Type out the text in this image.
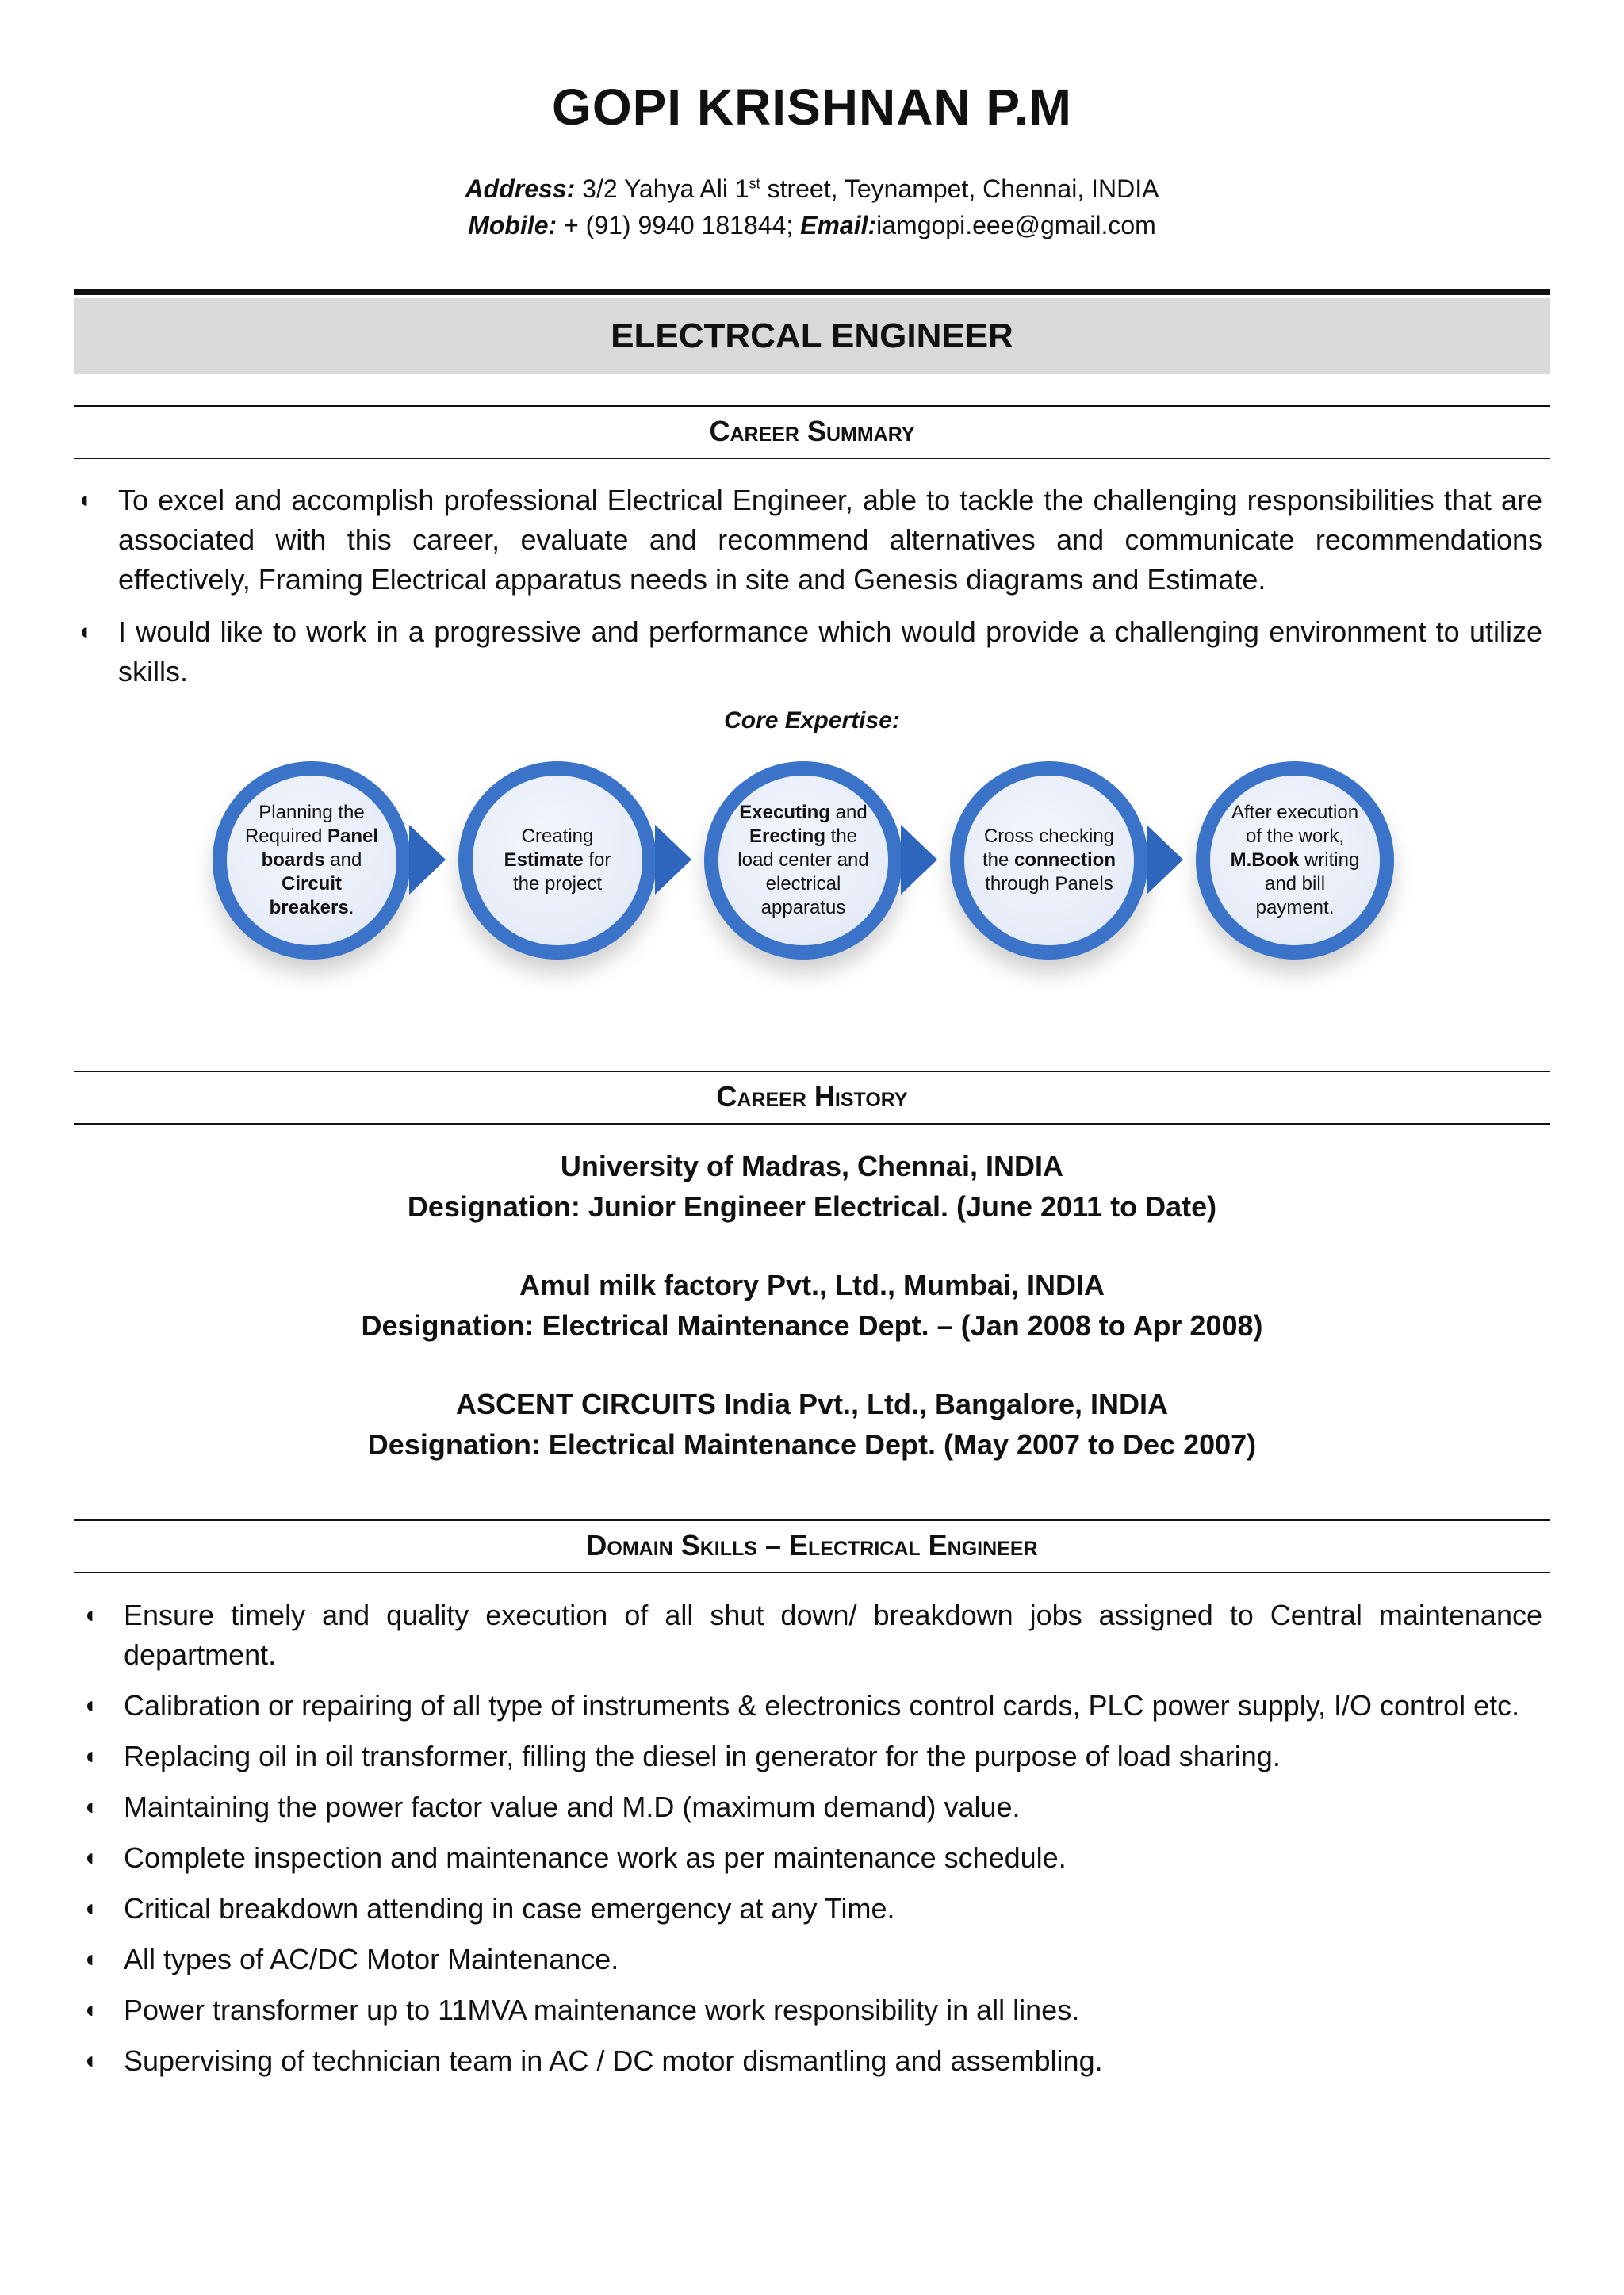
GOPI KRISHNAN P.M
Address: 3/2 Yahya Ali 1st street, Teynampet, Chennai, INDIA
Mobile: + (91) 9940 181844; Email:iamgopi.eee@gmail.com
ELECTRCAL ENGINEER
Career Summary
◖ To excel and accomplish professional Electrical Engineer, able to tackle the challenging responsibilities that are associated with this career, evaluate and recommend alternatives and communicate recommendations effectively, Framing Electrical apparatus needs in site and Genesis diagrams and Estimate.
◖ I would like to work in a progressive and performance which would provide a challenging environment to utilize skills.
Core Expertise:
Planning the Required Panel boards and Circuit breakers.
Creating Estimate for the project
Executing and Erecting the load center and electrical apparatus
Cross checking the connection through Panels
After execution of the work, M.Book writing and bill payment.
Career History
University of Madras, Chennai, INDIA
Designation: Junior Engineer Electrical. (June 2011 to Date)
Amul milk factory Pvt., Ltd., Mumbai, INDIA
Designation: Electrical Maintenance Dept. – (Jan 2008 to Apr 2008)
ASCENT CIRCUITS India Pvt., Ltd., Bangalore, INDIA
Designation: Electrical Maintenance Dept. (May 2007 to Dec 2007)
Domain Skills – Electrical Engineer
◖ Ensure timely and quality execution of all shut down/ breakdown jobs assigned to Central maintenance department.
◖ Calibration or repairing of all type of instruments & electronics control cards, PLC power supply, I/O control etc.
◖ Replacing oil in oil transformer, filling the diesel in generator for the purpose of load sharing.
◖ Maintaining the power factor value and M.D (maximum demand) value.
◖ Complete inspection and maintenance work as per maintenance schedule.
◖ Critical breakdown attending in case emergency at any Time.
◖ All types of AC/DC Motor Maintenance.
◖ Power transformer up to 11MVA maintenance work responsibility in all lines.
◖ Supervising of technician team in AC / DC motor dismantling and assembling.
